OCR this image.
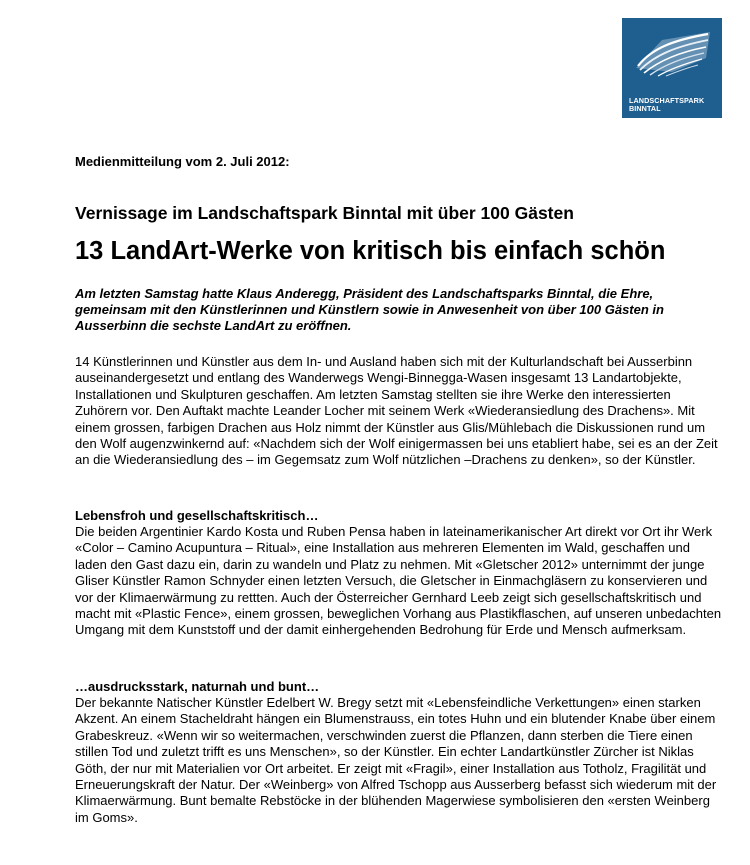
LANDSCHAFTSPARK
BINNTAL
Medienmitteilung vom 2. Juli 2012:
Vernissage im Landschaftspark Binntal mit über 100 Gästen
13 LandArt-Werke von kritisch bis einfach schön
Am letzten Samstag hatte Klaus Anderegg, Präsident des Landschaftsparks Binntal, die Ehre, gemeinsam mit den Künstlerinnen und Künstlern sowie in Anwesenheit von über 100 Gästen in Ausserbinn die sechste LandArt zu eröffnen.
14 Künstlerinnen und Künstler aus dem In- und Ausland haben sich mit der Kulturlandschaft bei Ausserbinn auseinandergesetzt und entlang des Wanderwegs Wengi-Binnegga-Wasen insgesamt 13 Landartobjekte, Installationen und Skulpturen geschaffen. Am letzten Samstag stellten sie ihre Werke den interessierten Zuhörern vor. Den Auftakt machte Leander Locher mit seinem Werk «Wiederansiedlung des Drachens». Mit einem grossen, farbigen Drachen aus Holz nimmt der Künstler aus Glis/Mühlebach die Diskussionen rund um den Wolf augenzwinkernd auf: «Nachdem sich der Wolf einigermassen bei uns etabliert habe, sei es an der Zeit an die Wiederansiedlung des – im Gegemsatz zum Wolf nützlichen –Drachens zu denken», so der Künstler.
Lebensfroh und gesellschaftskritisch…
Die beiden Argentinier Kardo Kosta und Ruben Pensa haben in lateinamerikanischer Art direkt vor Ort ihr Werk «Color – Camino Acupuntura – Ritual», eine Installation aus mehreren Elementen im Wald, geschaffen und laden den Gast dazu ein, darin zu wandeln und Platz zu nehmen. Mit «Gletscher 2012» unternimmt der junge Gliser Künstler Ramon Schnyder einen letzten Versuch, die Gletscher in Einmachgläsern zu konservieren und vor der Klimaerwärmung zu rettten. Auch der Österreicher Gernhard Leeb zeigt sich gesellschaftskritisch und macht mit «Plastic Fence», einem grossen, beweglichen Vorhang aus Plastikflaschen, auf unseren unbedachten Umgang mit dem Kunststoff und der damit einhergehenden Bedrohung für Erde und Mensch aufmerksam.
…ausdrucksstark, naturnah und bunt…
Der bekannte Natischer Künstler Edelbert W. Bregy setzt mit «Lebensfeindliche Verkettungen» einen starken Akzent. An einem Stacheldraht hängen ein Blumenstrauss, ein totes Huhn und ein blutender Knabe über einem Grabeskreuz. «Wenn wir so weitermachen, verschwinden zuerst die Pflanzen, dann sterben die Tiere einen stillen Tod und zuletzt trifft es uns Menschen», so der Künstler. Ein echter Landartkünstler Zürcher ist Niklas Göth, der nur mit Materialien vor Ort arbeitet. Er zeigt mit «Fragil», einer Installation aus Totholz, Fragilität und Erneuerungskraft der Natur. Der «Weinberg» von Alfred Tschopp aus Ausserberg befasst sich wiederum mit der Klimaerwärmung. Bunt bemalte Rebstöcke in der blühenden Magerwiese symbolisieren den «ersten Weinberg im Goms».
